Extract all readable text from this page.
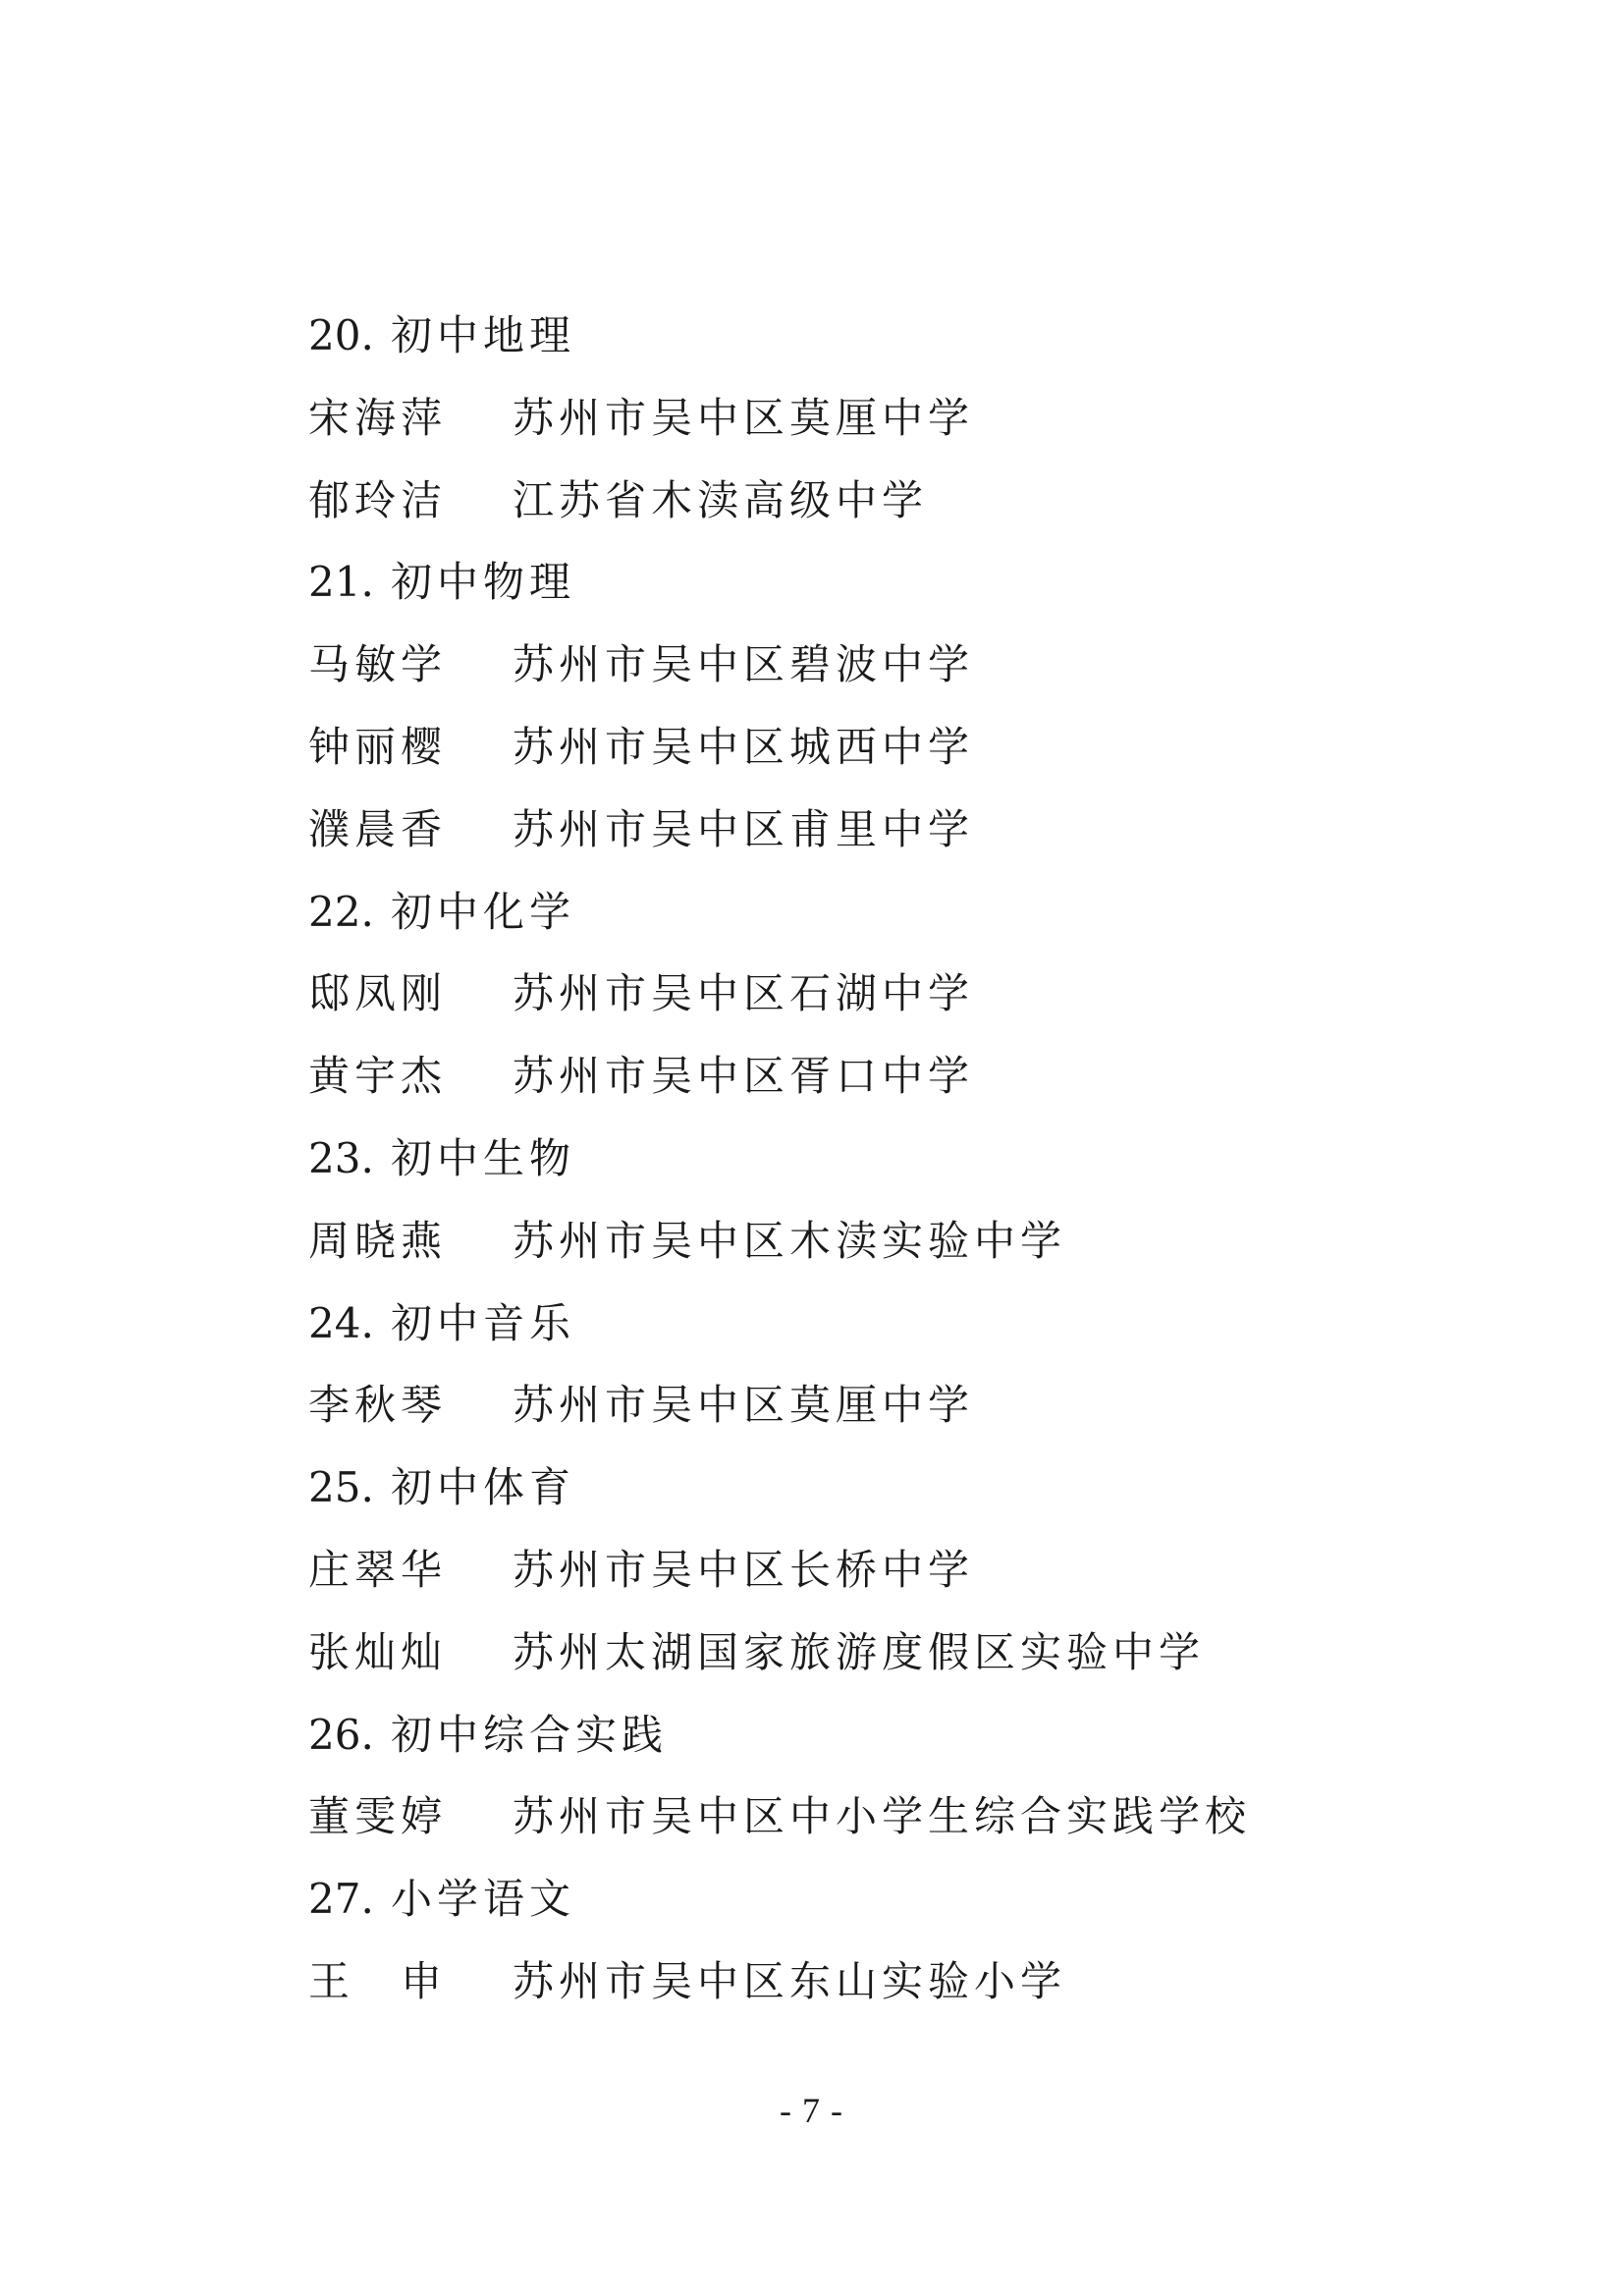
20. 初中地理
宋海萍 苏州市吴中区莫厘中学
郁玲洁 江苏省木渎高级中学
21. 初中物理
马敏学 苏州市吴中区碧波中学
钟丽樱 苏州市吴中区城西中学
濮晨香 苏州市吴中区甫里中学
22. 初中化学
邸凤刚 苏州市吴中区石湖中学
黄宇杰 苏州市吴中区胥口中学
23. 初中生物
周晓燕 苏州市吴中区木渎实验中学
24. 初中音乐
李秋琴 苏州市吴中区莫厘中学
25. 初中体育
庄翠华 苏州市吴中区长桥中学
张灿灿 苏州太湖国家旅游度假区实验中学
26. 初中综合实践
董雯婷 苏州市吴中区中小学生综合实践学校
27. 小学语文
王　申 苏州市吴中区东山实验小学
- 7 -
